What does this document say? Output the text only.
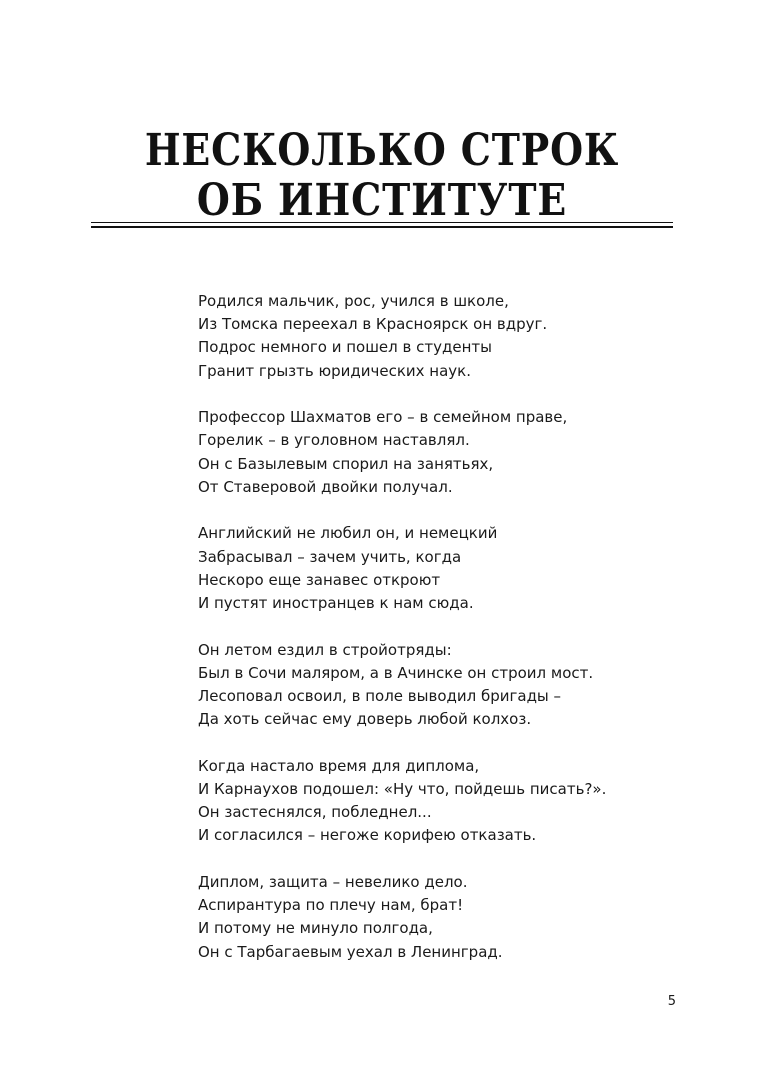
НЕСКОЛЬКО СТРОК
ОБ ИНСТИТУТЕ
Родился мальчик, рос, учился в школе,
Из Томска переехал в Красноярск он вдруг.
Подрос немного и пошел в студенты
Гранит грызть юридических наук.
Профессор Шахматов его – в семейном праве,
Горелик – в уголовном наставлял.
Он с Базылевым спорил на занятьях,
От Ставеровой двойки получал.
Английский не любил он, и немецкий
Забрасывал – зачем учить, когда
Нескоро еще занавес откроют
И пустят иностранцев к нам сюда.
Он летом ездил в стройотряды:
Был в Сочи маляром, а в Ачинске он строил мост.
Лесоповал освоил, в поле выводил бригады –
Да хоть сейчас ему доверь любой колхоз.
Когда настало время для диплома,
И Карнаухов подошел: «Ну что, пойдешь писать?».
Он застеснялся, побледнел...
И согласился – негоже корифею отказать.
Диплом, защита – невелико дело.
Аспирантура по плечу нам, брат!
И потому не минуло полгода,
Он с Тарбагаевым уехал в Ленинград.
5
